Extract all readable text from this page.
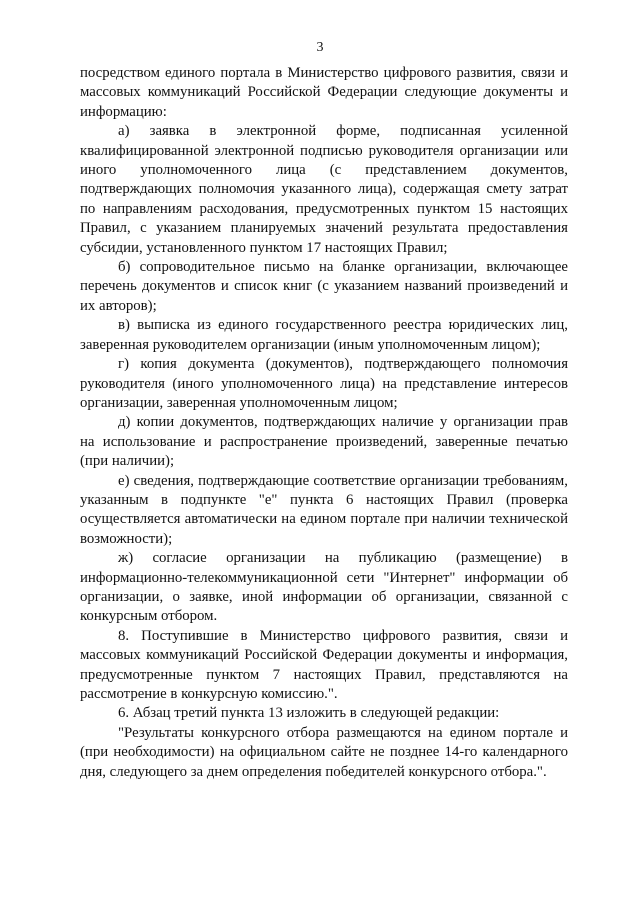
3

посредством единого портала в Министерство цифрового развития, связи и массовых коммуникаций Российской Федерации следующие документы и информацию:

а) заявка в электронной форме, подписанная усиленной квалифицированной электронной подписью руководителя организации или иного уполномоченного лица (с представлением документов, подтверждающих полномочия указанного лица), содержащая смету затрат по направлениям расходования, предусмотренных пунктом 15 настоящих Правил, с указанием планируемых значений результата предоставления субсидии, установленного пунктом 17 настоящих Правил;

б) сопроводительное письмо на бланке организации, включающее перечень документов и список книг (с указанием названий произведений и их авторов);

в) выписка из единого государственного реестра юридических лиц, заверенная руководителем организации (иным уполномоченным лицом);

г) копия документа (документов), подтверждающего полномочия руководителя (иного уполномоченного лица) на представление интересов организации, заверенная уполномоченным лицом;

д) копии документов, подтверждающих наличие у организации прав на использование и распространение произведений, заверенные печатью (при наличии);

е) сведения, подтверждающие соответствие организации требованиям, указанным в подпункте "е" пункта 6 настоящих Правил (проверка осуществляется автоматически на едином портале при наличии технической возможности);

ж) согласие организации на публикацию (размещение) в информационно-телекоммуникационной сети "Интернет" информации об организации, о заявке, иной информации об организации, связанной с конкурсным отбором.

8. Поступившие в Министерство цифрового развития, связи и массовых коммуникаций Российской Федерации документы и информация, предусмотренные пунктом 7 настоящих Правил, представляются на рассмотрение в конкурсную комиссию.".

6. Абзац третий пункта 13 изложить в следующей редакции:

"Результаты конкурсного отбора размещаются на едином портале и (при необходимости) на официальном сайте не позднее 14-го календарного дня, следующего за днем определения победителей конкурсного отбора.".
